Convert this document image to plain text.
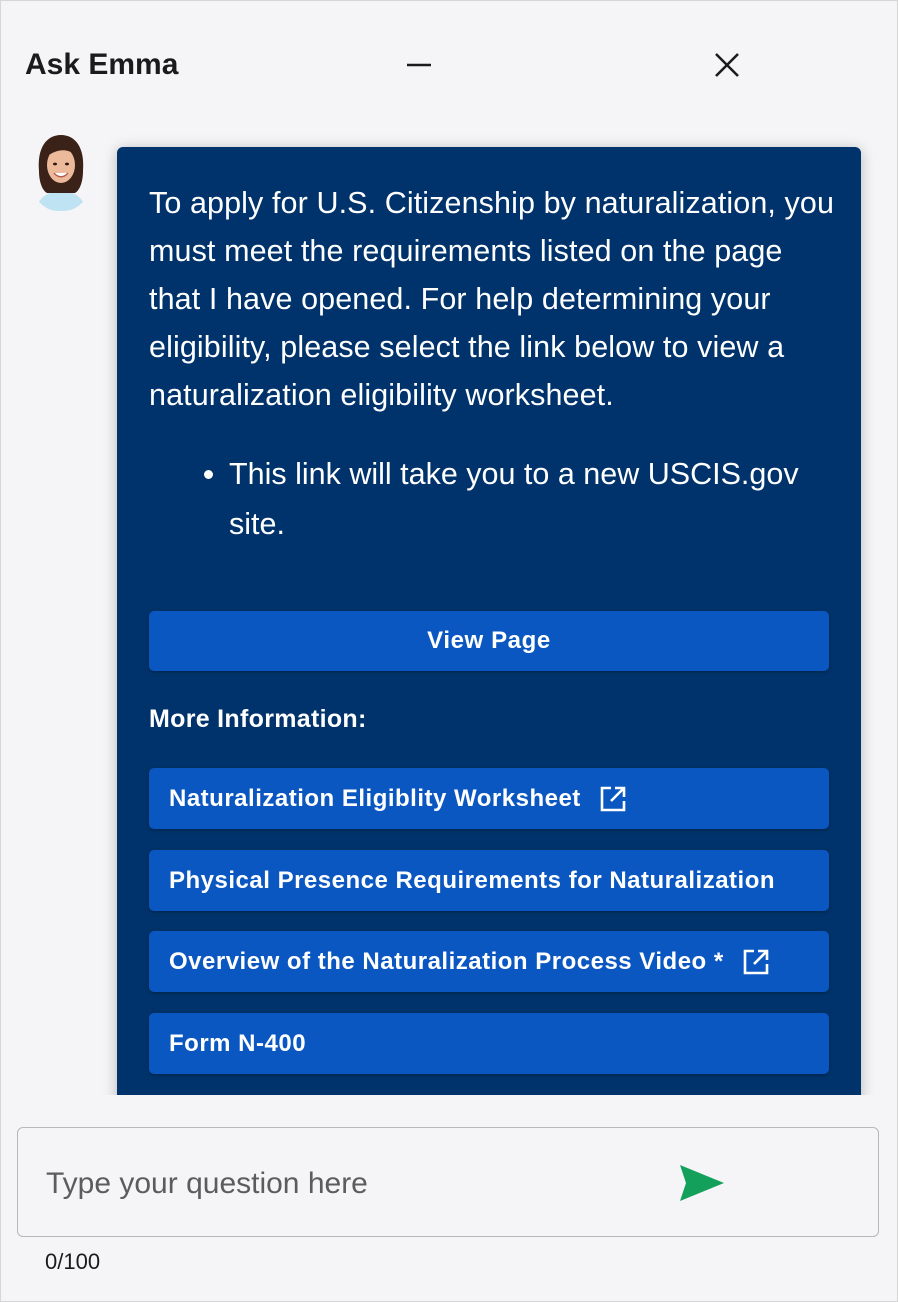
Ask Emma
To apply for U.S. Citizenship by naturalization, you must meet the requirements listed on the page that I have opened. For help determining your eligibility, please select the link below to view a naturalization eligibility worksheet.
• This link will take you to a new USCIS.gov site.
View Page
More Information:
Naturalization Eligiblity Worksheet
Physical Presence Requirements for Naturalization
Overview of the Naturalization Process Video *
Form N-400
Type your question here
0/100
